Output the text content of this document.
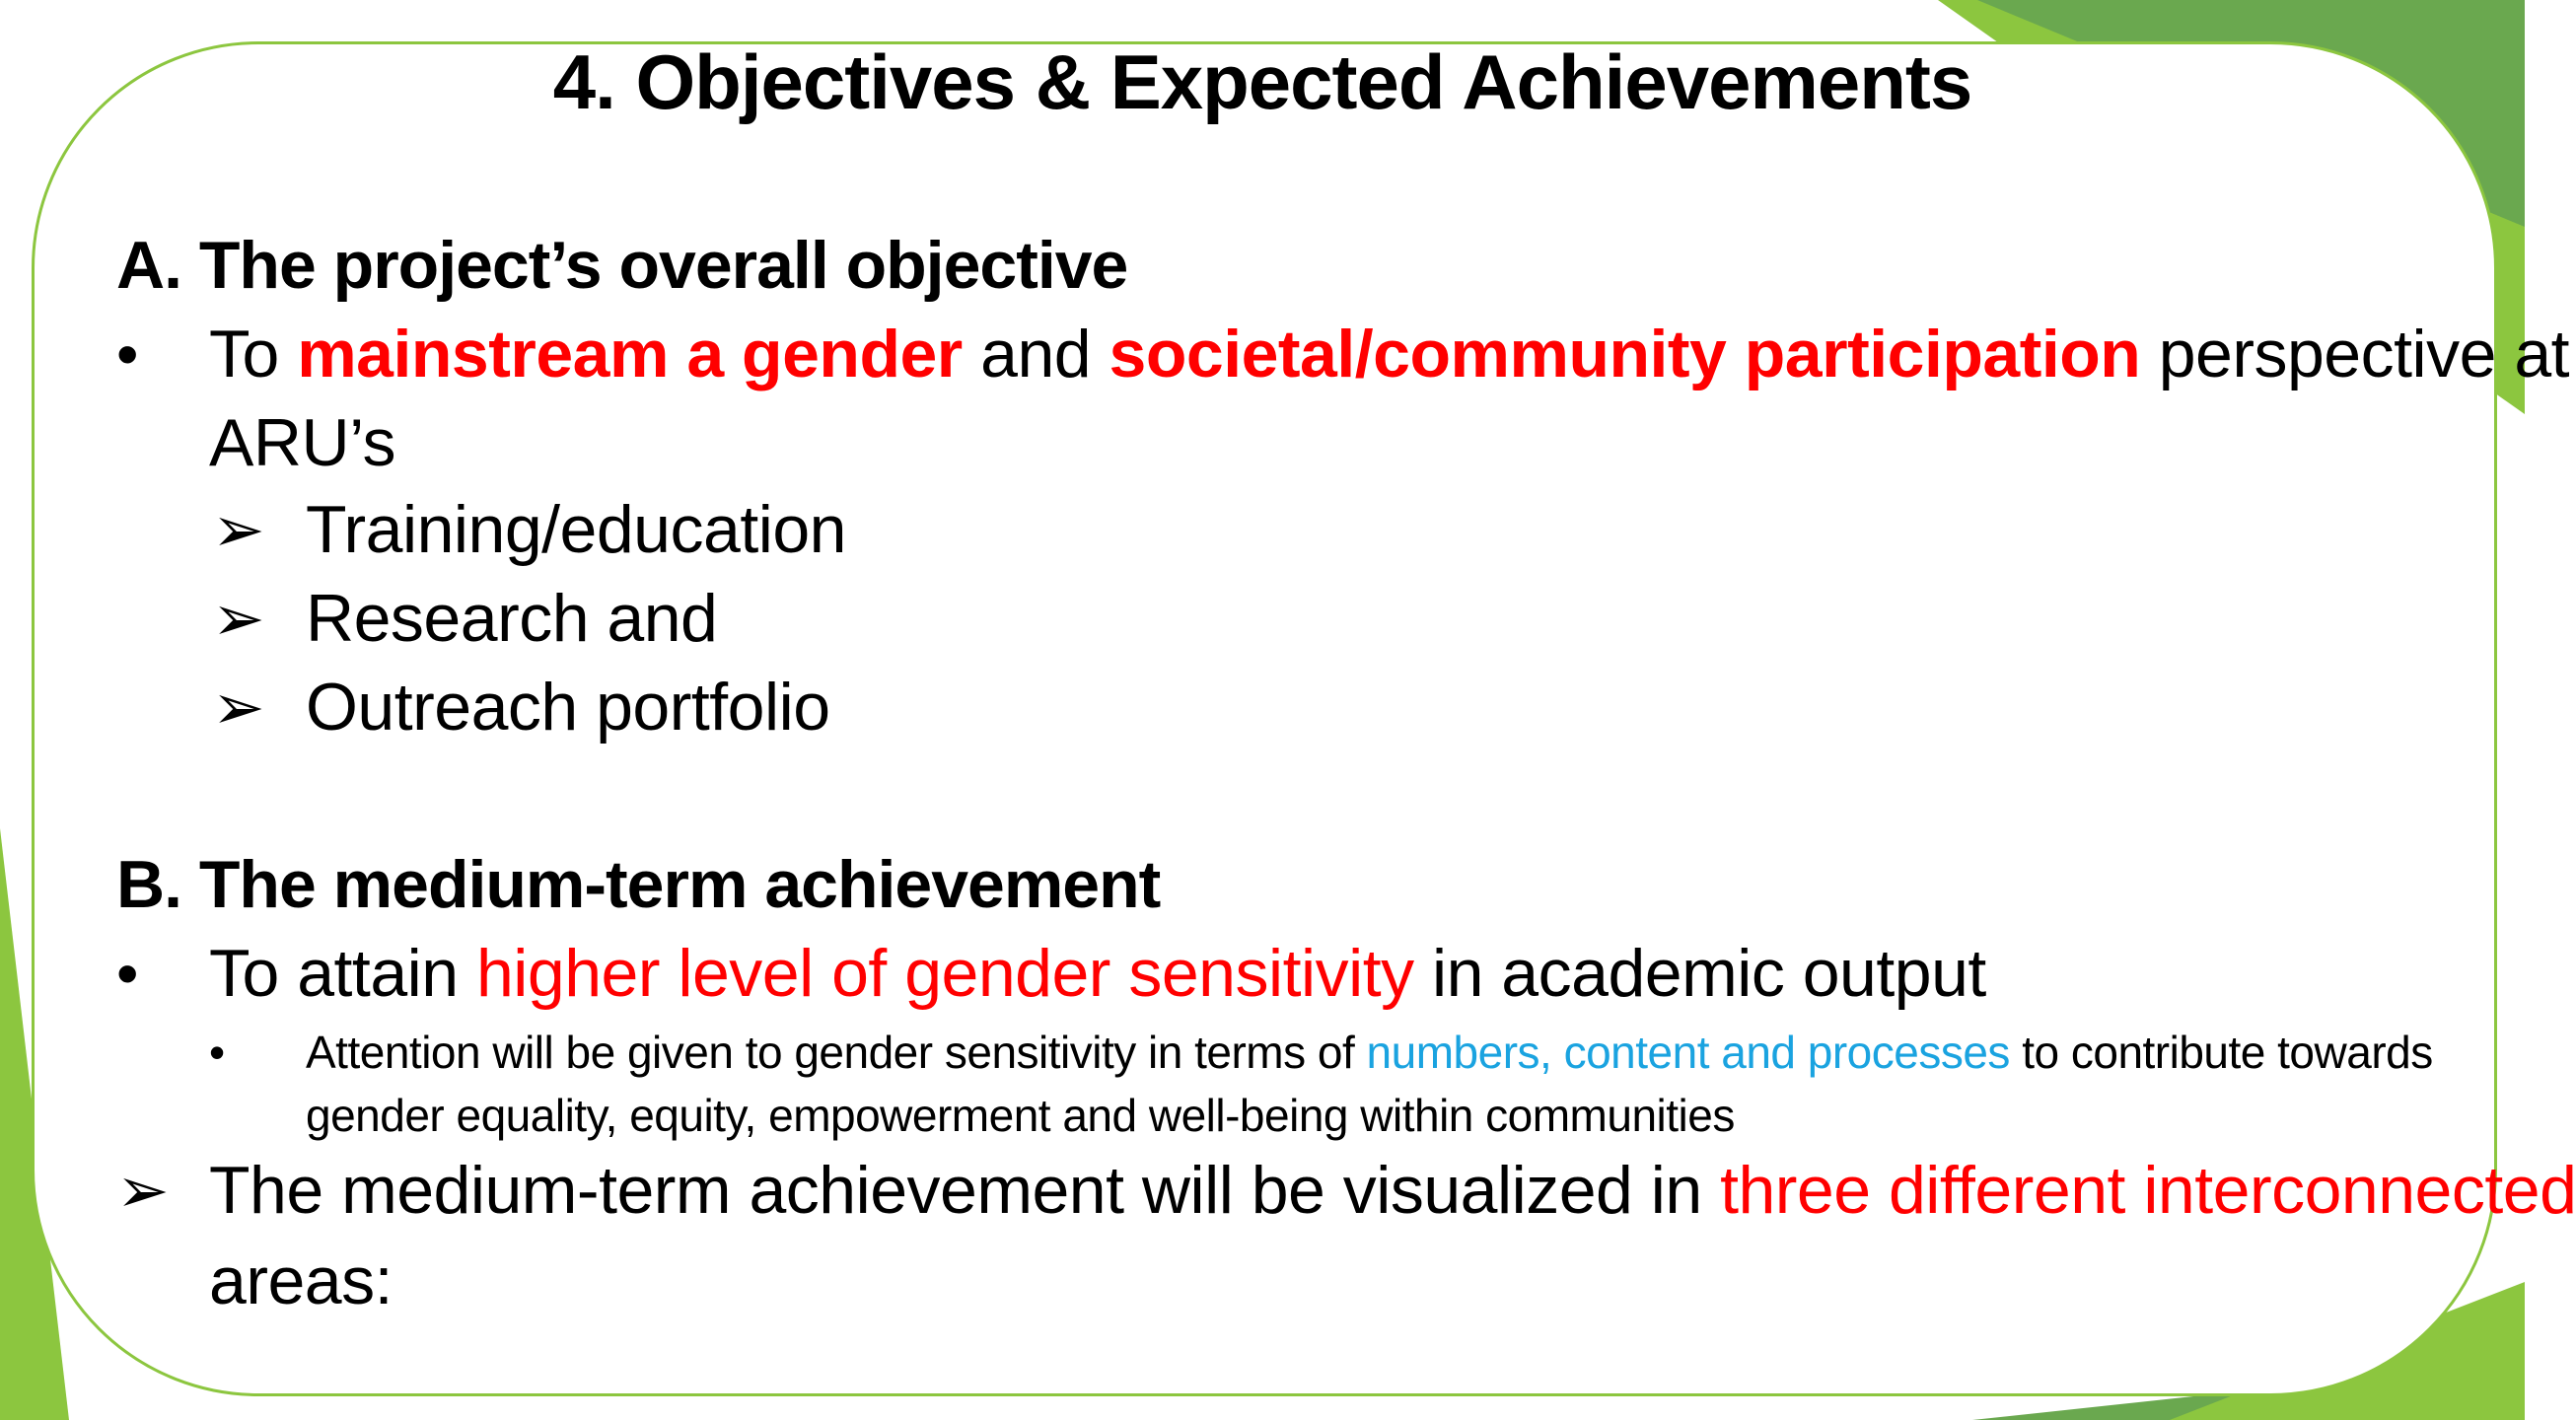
4. Objectives & Expected Achievements
A. The project’s overall objective
• To mainstream a gender and societal/community participation perspective at
ARU’s
➢ Training/education
➢ Research and
➢ Outreach portfolio
B. The medium-term achievement
• To attain higher level of gender sensitivity in academic output
• Attention will be given to gender sensitivity in terms of numbers, content and processes to contribute towards
gender equality, equity, empowerment and well-being within communities
➢ The medium-term achievement will be visualized in three different interconnected
areas:
